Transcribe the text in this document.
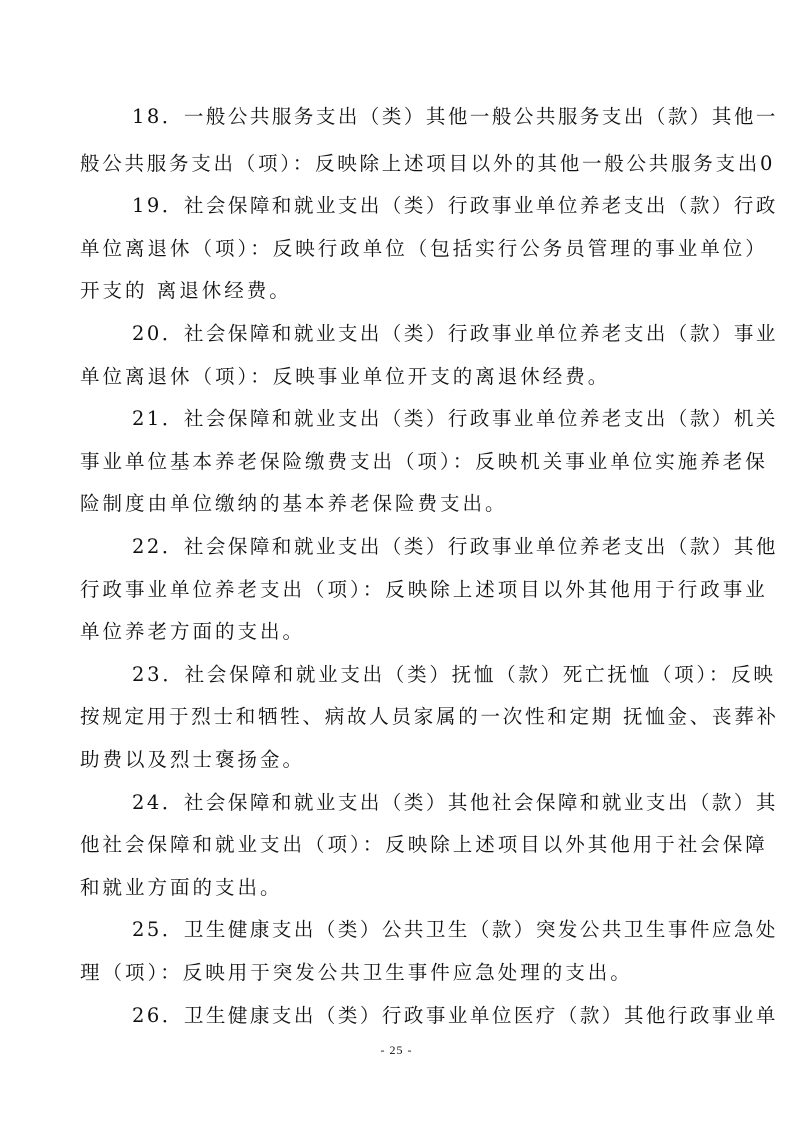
18．一般公共服务支出（类）其他一般公共服务支出（款）其他一

般公共服务支出（项）：反映除上述项目以外的其他一般公共服务支出0

19．社会保障和就业支出（类）行政事业单位养老支出（款）行政

单位离退休（项）：反映行政单位（包括实行公务员管理的事业单位）

开支的 离退休经费。

20．社会保障和就业支出（类）行政事业单位养老支出（款）事业

单位离退休（项）：反映事业单位开支的离退休经费。

21．社会保障和就业支出（类）行政事业单位养老支出（款）机关

事业单位基本养老保险缴费支出（项）：反映机关事业单位实施养老保

险制度由单位缴纳的基本养老保险费支出。

22．社会保障和就业支出（类）行政事业单位养老支出（款）其他

行政事业单位养老支出（项）：反映除上述项目以外其他用于行政事业

单位养老方面的支出。

23．社会保障和就业支出（类）抚恤（款）死亡抚恤（项）：反映

按规定用于烈士和牺牲、病故人员家属的一次性和定期 抚恤金、丧葬补

助费以及烈士褒扬金。

24．社会保障和就业支出（类）其他社会保障和就业支出（款）其

他社会保障和就业支出（项）：反映除上述项目以外其他用于社会保障

和就业方面的支出。

25．卫生健康支出（类）公共卫生（款）突发公共卫生事件应急处

理（项）：反映用于突发公共卫生事件应急处理的支出。

26．卫生健康支出（类）行政事业单位医疗（款）其他行政事业单

- 25 -
